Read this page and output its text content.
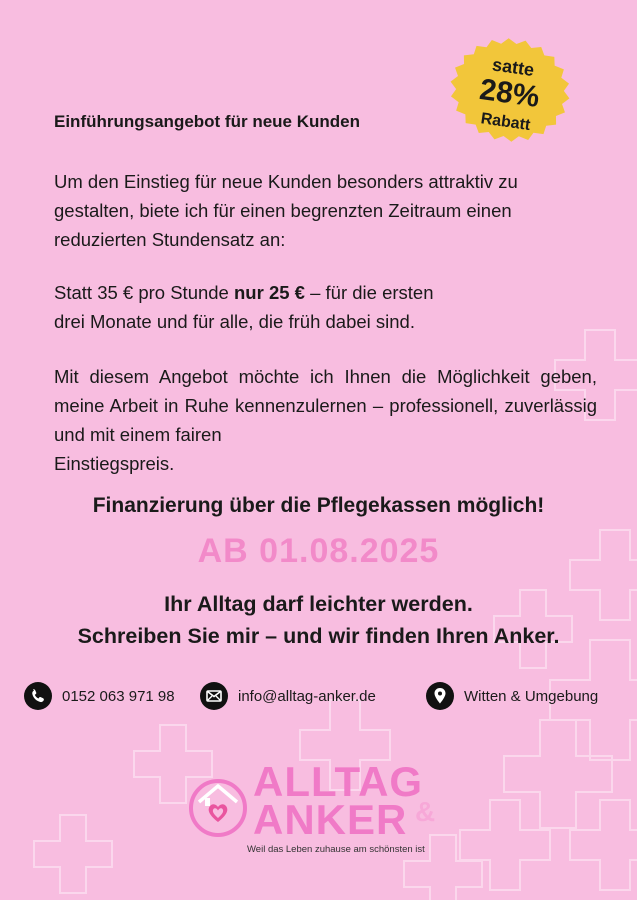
satte
28%
Rabatt
Einführungsangebot für neue Kunden
Um den Einstieg für neue Kunden besonders attraktiv zu gestalten, biete ich für einen begrenzten Zeitraum einen reduzierten Stundensatz an:
Statt 35 € pro Stunde nur 25 € – für die ersten
drei Monate und für alle, die früh dabei sind.
Mit diesem Angebot möchte ich Ihnen die Möglichkeit geben, meine Arbeit in Ruhe kennenzulernen – professionell, zuverlässig und mit einem fairen
Einstiegspreis.
Finanzierung über die Pflegekassen möglich!
AB 01.08.2025
Ihr Alltag darf leichter werden.
Schreiben Sie mir – und wir finden Ihren Anker.
0152 063 971 98	info@alltag-anker.de	Witten & Umgebung
ALLTAG
ANKER &
Weil das Leben zuhause am schönsten ist
